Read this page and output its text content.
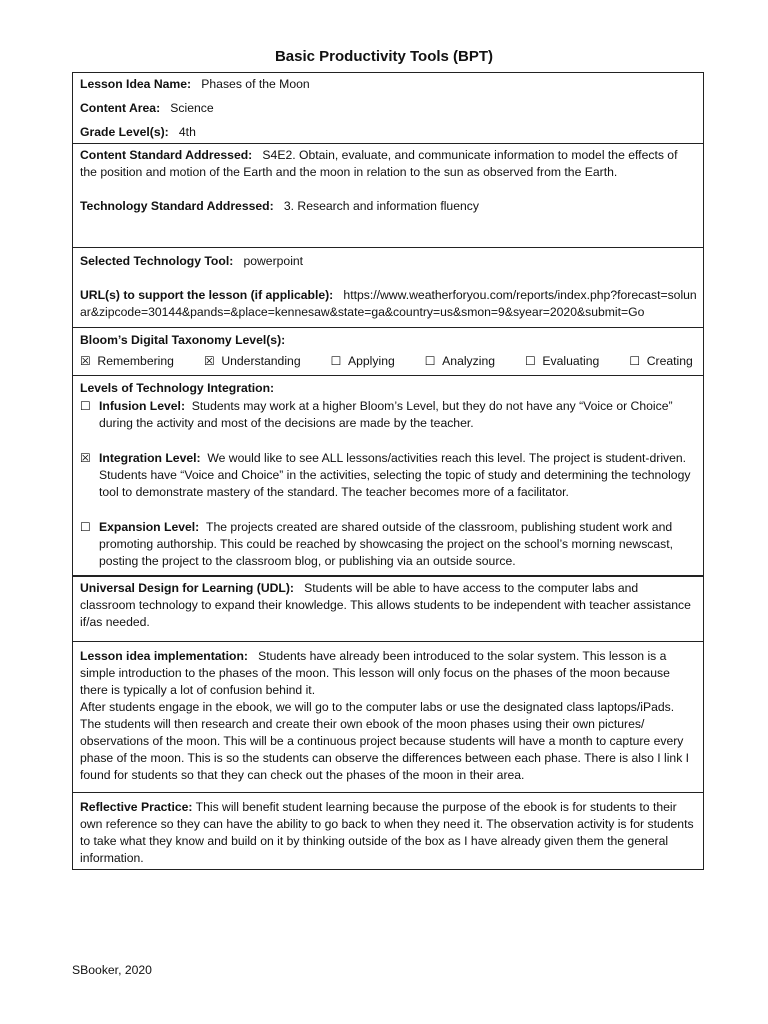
Basic Productivity Tools (BPT)
Lesson Idea Name: Phases of the Moon
Content Area: Science
Grade Level(s): 4th

Content Standard Addressed: S4E2. Obtain, evaluate, and communicate information to model the effects of the position and motion of the Earth and the moon in relation to the sun as observed from the Earth.
Technology Standard Addressed: 3. Research and information fluency

Selected Technology Tool: powerpoint
URL(s) to support the lesson (if applicable): https://www.weatherforyou.com/reports/index.php?forecast=solunar&zipcode=30144&pands=&place=kennesaw&state=ga&country=us&smon=9&syear=2020&submit=Go

Bloom’s Digital Taxonomy Level(s):
☒ Remembering	☒ Understanding	☐ Applying	☐ Analyzing	☐ Evaluating	☐ Creating

Levels of Technology Integration:
☐ Infusion Level: Students may work at a higher Bloom’s Level, but they do not have any “Voice or Choice” during the activity and most of the decisions are made by the teacher.
☒ Integration Level: We would like to see ALL lessons/activities reach this level. The project is student-driven. Students have “Voice and Choice” in the activities, selecting the topic of study and determining the technology tool to demonstrate mastery of the standard. The teacher becomes more of a facilitator.
☐ Expansion Level: The projects created are shared outside of the classroom, publishing student work and promoting authorship. This could be reached by showcasing the project on the school’s morning newscast, posting the project to the classroom blog, or publishing via an outside source.

Universal Design for Learning (UDL): Students will be able to have access to the computer labs and classroom technology to expand their knowledge. This allows students to be independent with teacher assistance if/as needed.

Lesson idea implementation: Students have already been introduced to the solar system. This lesson is a simple introduction to the phases of the moon. This lesson will only focus on the phases of the moon because there is typically a lot of confusion behind it.
After students engage in the ebook, we will go to the computer labs or use the designated class laptops/iPads. The students will then research and create their own ebook of the moon phases using their own pictures/ observations of the moon. This will be a continuous project because students will have a month to capture every phase of the moon. This is so the students can observe the differences between each phase. There is also I link I found for students so that they can check out the phases of the moon in their area.

Reflective Practice: This will benefit student learning because the purpose of the ebook is for students to their own reference so they can have the ability to go back to when they need it. The observation activity is for students to take what they know and build on it by thinking outside of the box as I have already given them the general information.
SBooker, 2020
